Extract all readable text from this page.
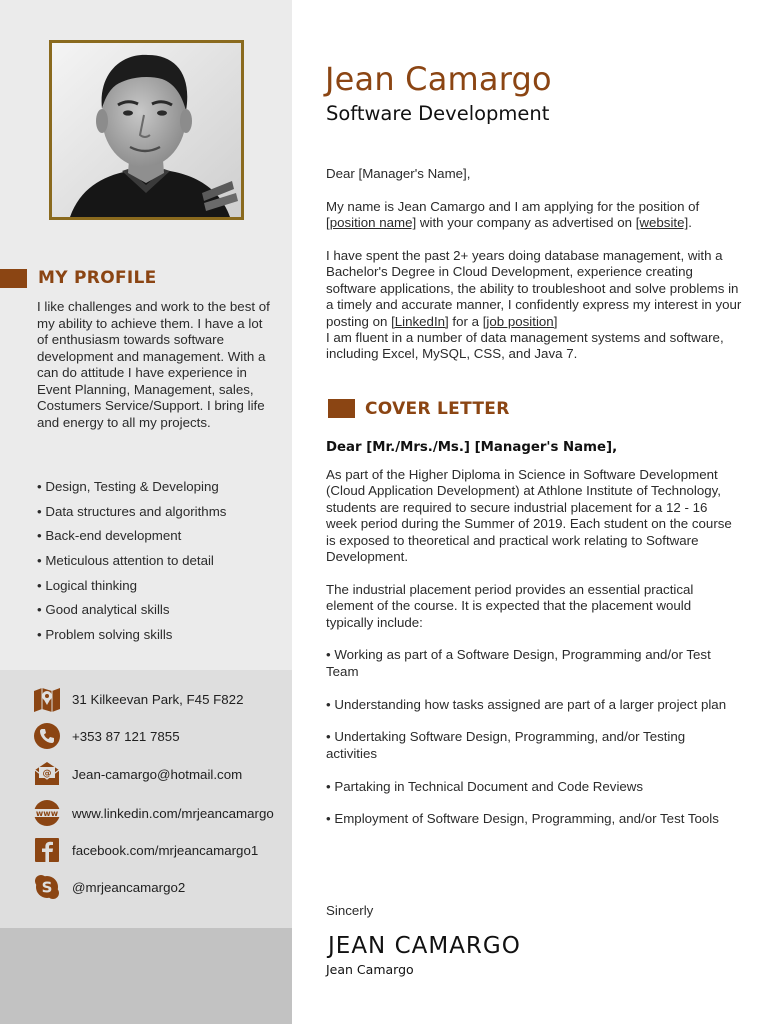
MY PROFILE

I like challenges and work to the best of my ability to achieve them. I have a lot of enthusiasm towards software development and management. With a can do attitude I have experience in Event Planning, Management, sales, Costumers Service/Support. I bring life and energy to all my projects.

• Design, Testing & Developing
• Data structures and algorithms
• Back-end development
• Meticulous attention to detail
• Logical thinking
• Good analytical skills
• Problem solving skills
31 Kilkeevan Park, F45 F822
+353 87 121 7855
@ Jean-camargo@hotmail.com
www www.linkedin.com/mrjeancamargo
facebook.com/mrjeancamargo1
S @mrjeancamargo2
Jean Camargo
Software Development

Dear [Manager's Name],

My name is Jean Camargo and I am applying for the position of [position name] with your company as advertised on [website].

I have spent the past 2+ years doing database management, with a Bachelor's Degree in Cloud Development, experience creating software applications, the ability to troubleshoot and solve problems in a timely and accurate manner, I confidently express my interest in your posting on [LinkedIn] for a [job position]

I am fluent in a number of data management systems and software, including Excel, MySQL, CSS, and Java 7.

COVER LETTER
Dear [Mr./Mrs./Ms.] [Manager's Name],

As part of the Higher Diploma in Science in Software Development (Cloud Application Development) at Athlone Institute of Technology, students are required to secure industrial placement for a 12 - 16 week period during the Summer of 2019. Each student on the course is exposed to theoretical and practical work relating to Software Development.

The industrial placement period provides an essential practical element of the course. It is expected that the placement would typically include:

• Working as part of a Software Design, Programming and/or Test Team

• Understanding how tasks assigned are part of a larger project plan

• Undertaking Software Design, Programming, and/or Testing activities

• Partaking in Technical Document and Code Reviews

• Employment of Software Design, Programming, and/or Test Tools

Sincerly
JEAN CAMARGO
Jean Camargo
